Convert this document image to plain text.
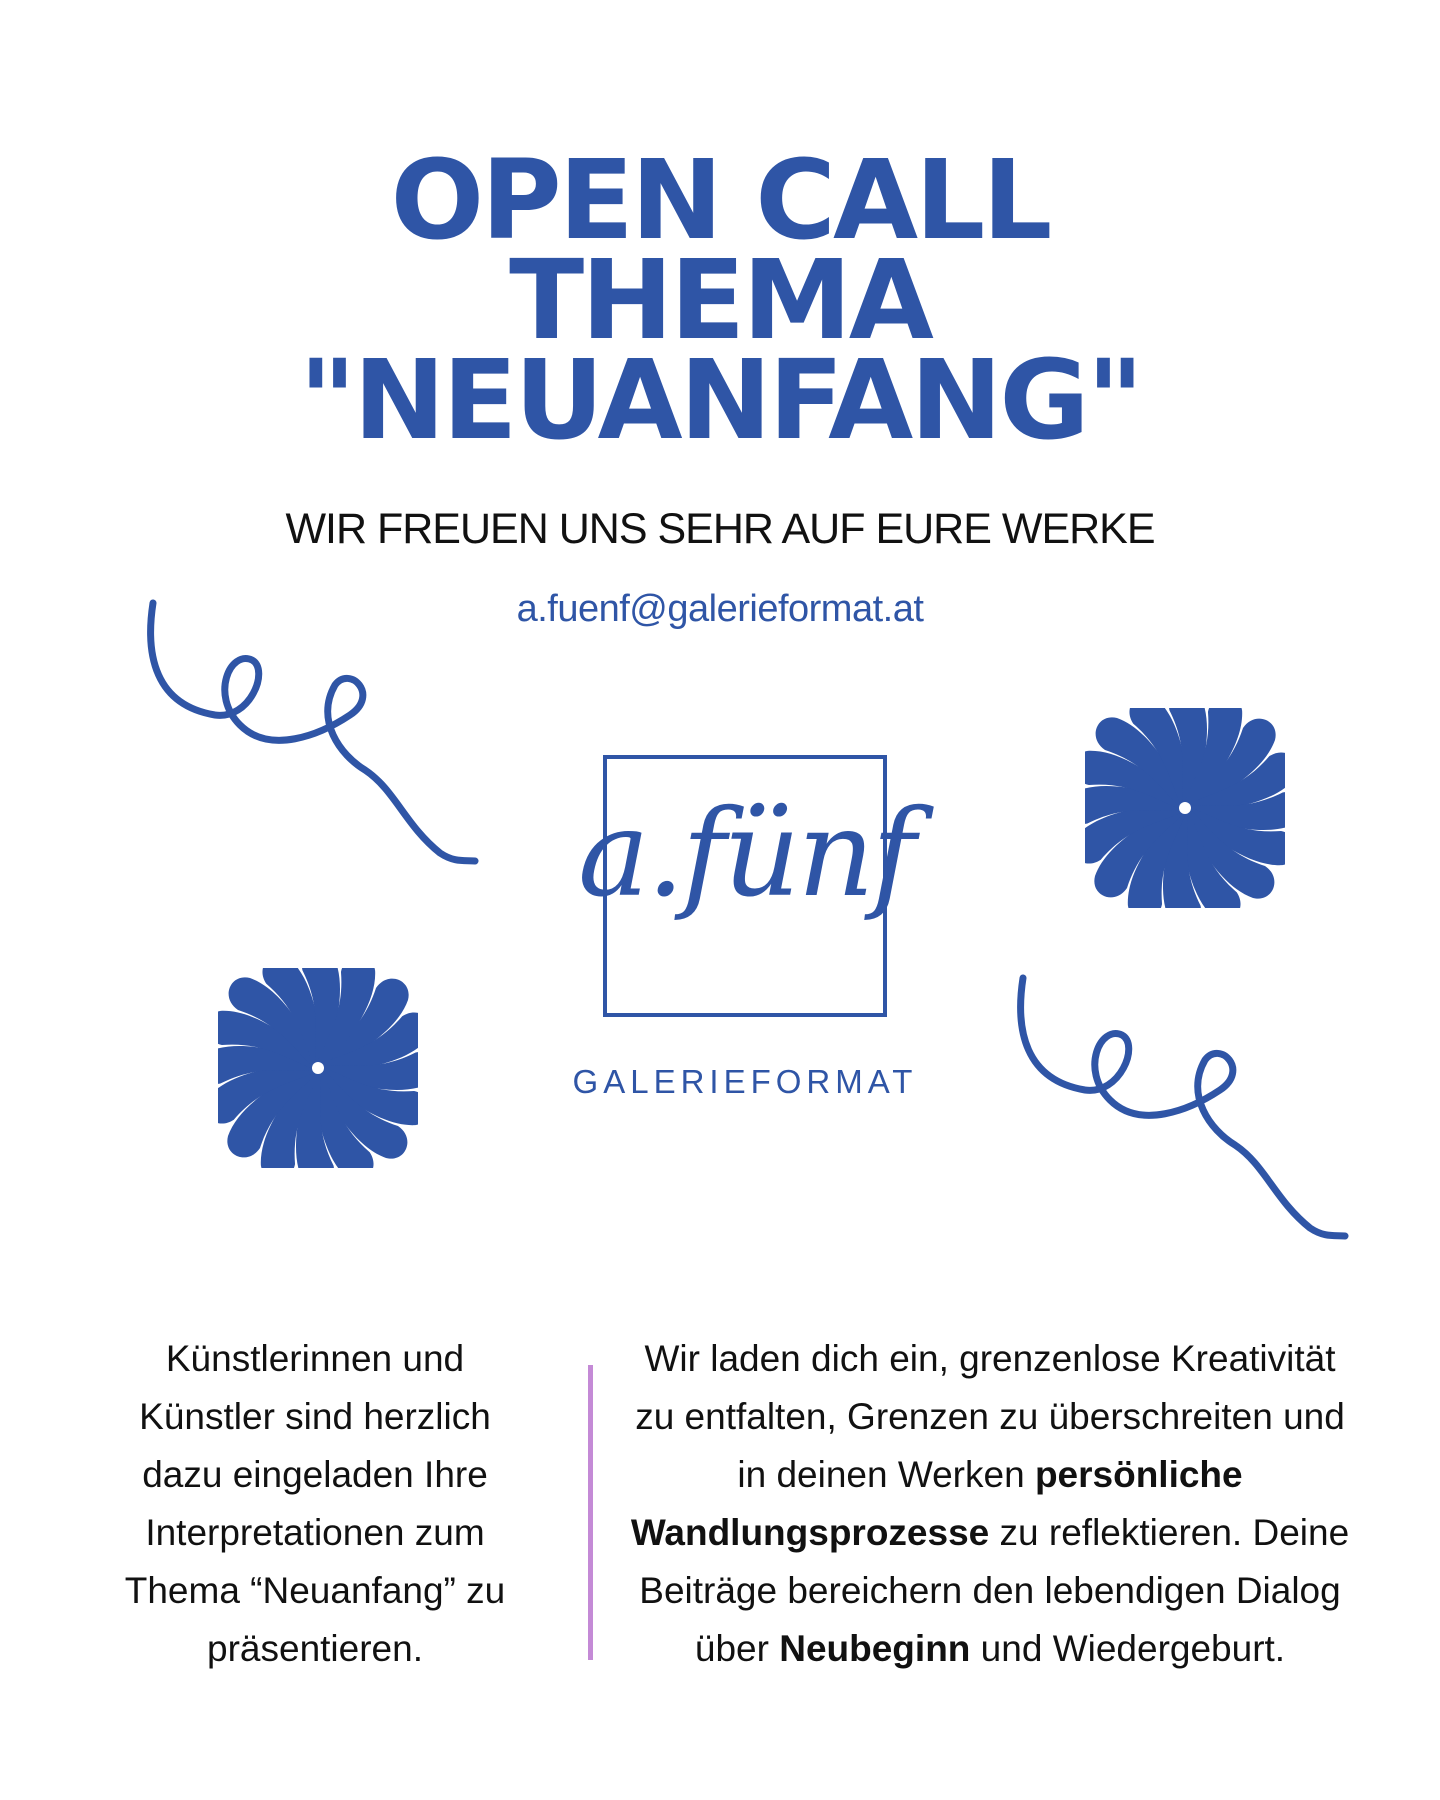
OPEN CALL
THEMA
"NEUANFANG"
WIR FREUEN UNS SEHR AUF EURE WERKE
a.fuenf@galerieformat.at
a.fünf
GALERIEFORMAT
Künstlerinnen und Künstler sind herzlich dazu eingeladen Ihre Interpretationen zum Thema “Neuanfang” zu präsentieren.
Wir laden dich ein, grenzenlose Kreativität zu entfalten, Grenzen zu überschreiten und in deinen Werken persönliche Wandlungsprozesse zu reflektieren. Deine Beiträge bereichern den lebendigen Dialog über Neubeginn und Wiedergeburt.
